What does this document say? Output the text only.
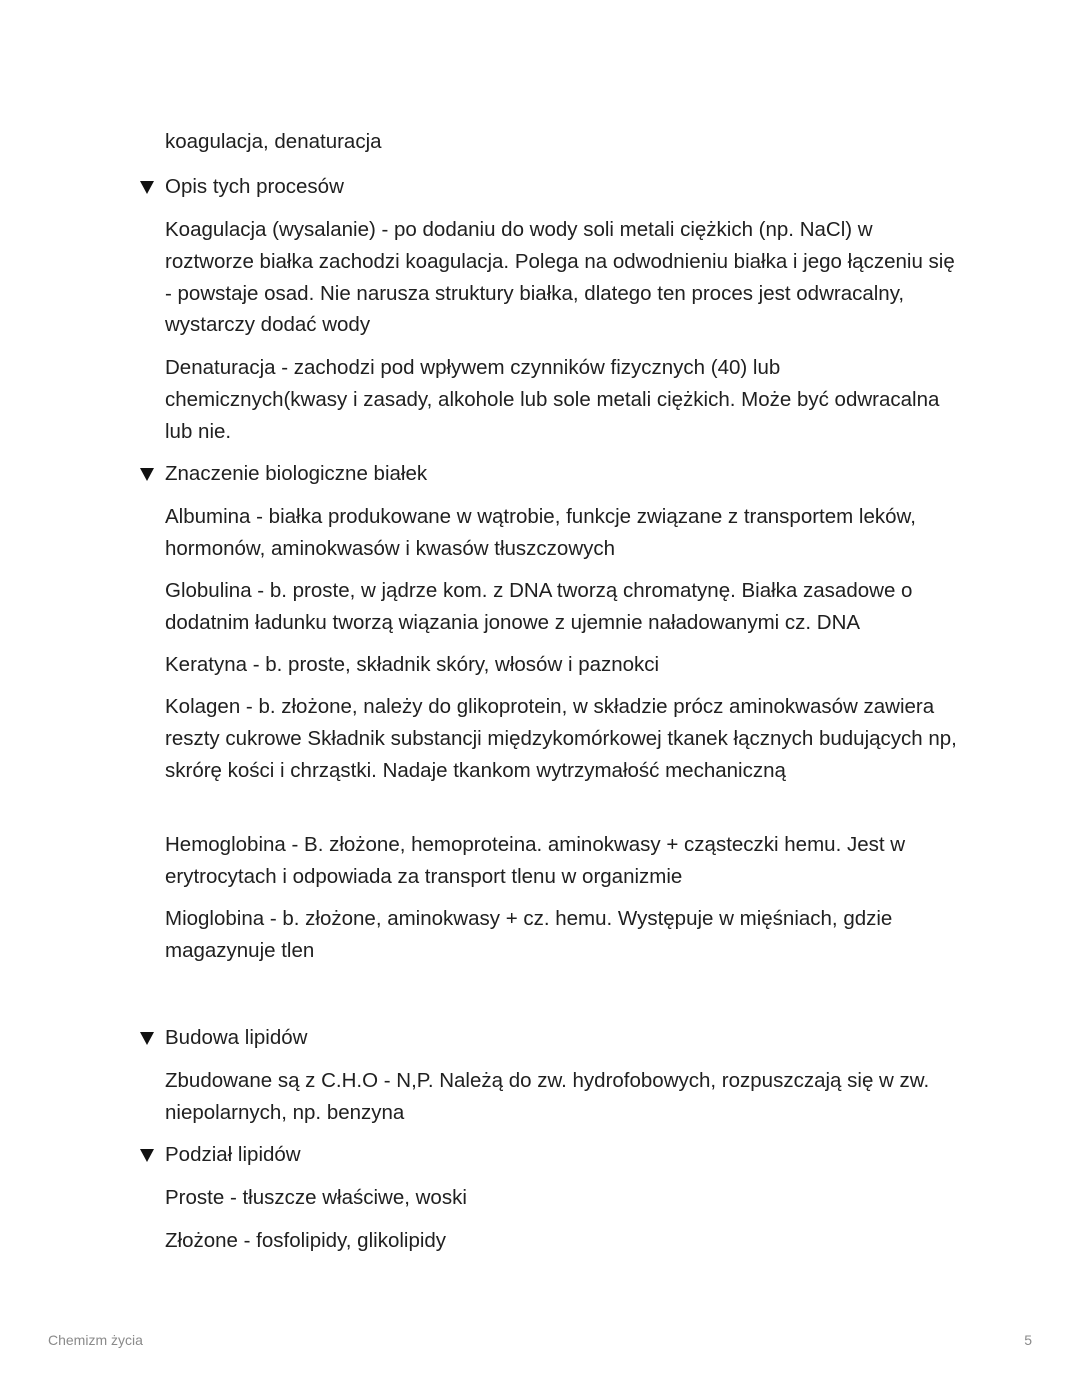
koagulacja, denaturacja

Opis tych procesów

Koagulacja (wysalanie) - po dodaniu do wody soli metali ciężkich (np. NaCl) w roztworze białka zachodzi koagulacja. Polega na odwodnieniu białka i jego łączeniu się - powstaje osad. Nie narusza struktury białka, dlatego ten proces jest odwracalny, wystarczy dodać wody

Denaturacja - zachodzi pod wpływem czynników fizycznych (40) lub chemicznych(kwasy i zasady, alkohole lub sole metali ciężkich. Może być odwracalna lub nie.

Znaczenie biologiczne białek

Albumina - białka produkowane w wątrobie, funkcje związane z transportem leków, hormonów, aminokwasów i kwasów tłuszczowych

Globulina - b. proste, w jądrze kom. z DNA tworzą chromatynę. Białka zasadowe o dodatnim ładunku tworzą wiązania jonowe z ujemnie naładowanymi cz. DNA

Keratyna - b. proste, składnik skóry, włosów i paznokci

Kolagen - b. złożone, należy do glikoprotein, w składzie prócz aminokwasów zawiera reszty cukrowe Składnik substancji międzykomórkowej tkanek łącznych budujących np, skrórę kości i chrząstki. Nadaje tkankom wytrzymałość mechaniczną

Hemoglobina - B. złożone, hemoproteina. aminokwasy + cząsteczki hemu. Jest w erytrocytach i odpowiada za transport tlenu w organizmie

Mioglobina - b. złożone, aminokwasy + cz. hemu. Występuje w mięśniach, gdzie magazynuje tlen

Budowa lipidów

Zbudowane są z C.H.O - N,P. Należą do zw. hydrofobowych, rozpuszczają się w zw. niepolarnych, np. benzyna

Podział lipidów

Proste - tłuszcze właściwe, woski

Złożone - fosfolipidy, glikolipidy

Chemizm życia	5
